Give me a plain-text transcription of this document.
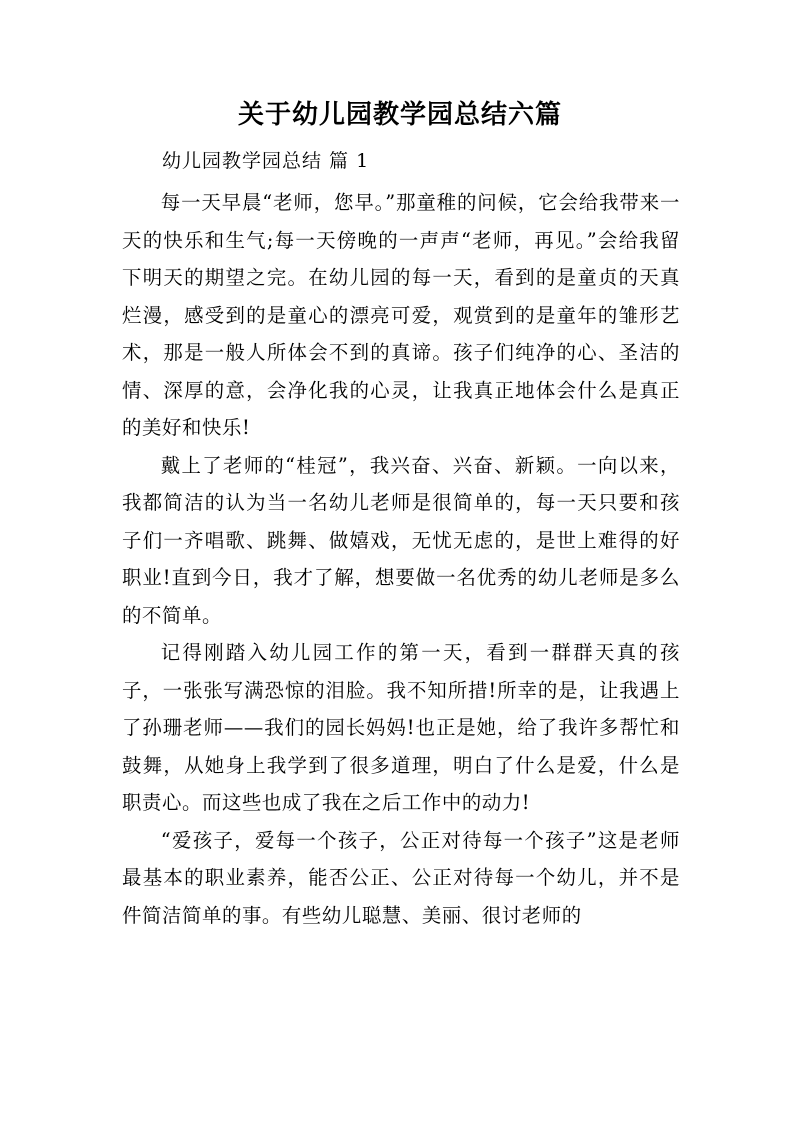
关于幼儿园教学园总结六篇
幼儿园教学园总结 篇 1

每一天早晨“老师，您早。”那童稚的问候，它会给我带来一天的快乐和生气;每一天傍晚的一声声“老师，再见。”会给我留下明天的期望之完。在幼儿园的每一天，看到的是童贞的天真烂漫，感受到的是童心的漂亮可爱，观赏到的是童年的雏形艺术，那是一般人所体会不到的真谛。孩子们纯净的心、圣洁的情、深厚的意，会净化我的心灵，让我真正地体会什么是真正的美好和快乐!

戴上了老师的“桂冠”，我兴奋、兴奋、新颖。一向以来，我都简洁的认为当一名幼儿老师是很简单的，每一天只要和孩子们一齐唱歌、跳舞、做嬉戏，无忧无虑的，是世上难得的好职业!直到今日，我才了解，想要做一名优秀的幼儿老师是多么的不简单。

记得刚踏入幼儿园工作的第一天，看到一群群天真的孩子，一张张写满恐惊的泪脸。我不知所措!所幸的是，让我遇上了孙珊老师——我们的园长妈妈!也正是她，给了我许多帮忙和鼓舞，从她身上我学到了很多道理，明白了什么是爱，什么是职责心。而这些也成了我在之后工作中的动力!

“爱孩子，爱每一个孩子，公正对待每一个孩子”这是老师最基本的职业素养，能否公正、公正对待每一个幼儿，并不是件简洁简单的事。有些幼儿聪慧、美丽、很讨老师的
